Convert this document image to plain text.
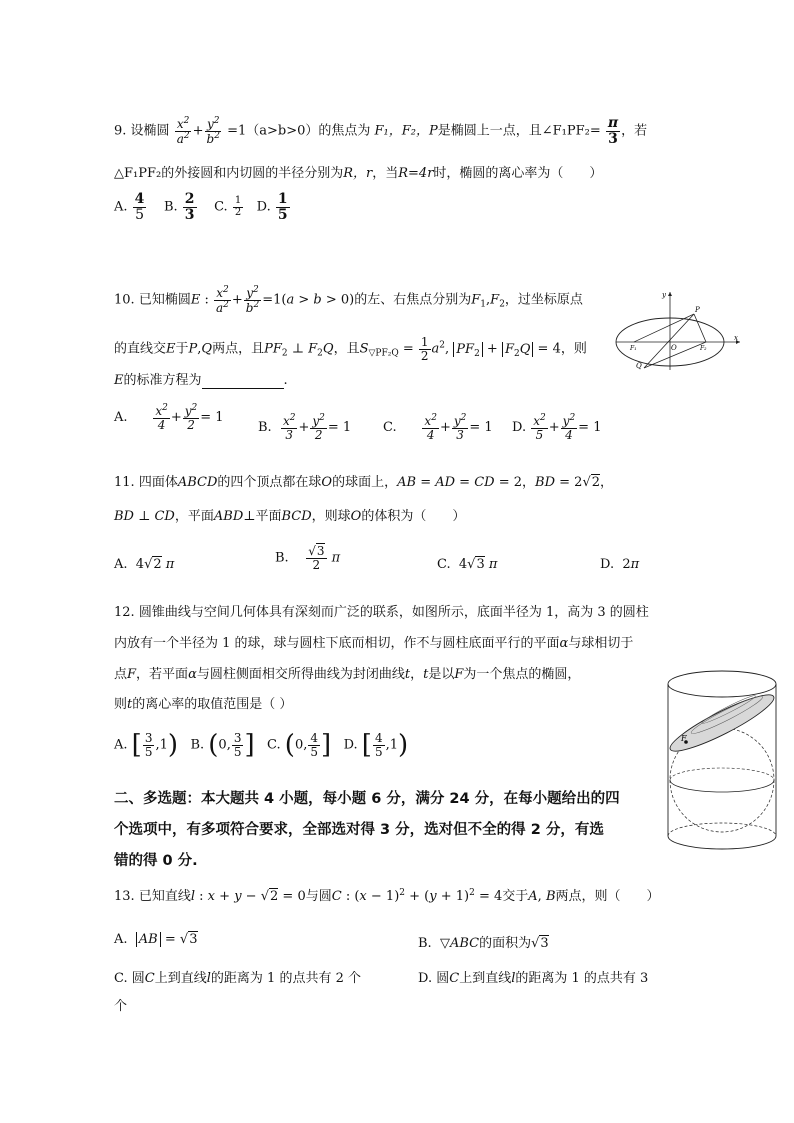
9. 设椭圆 $\frac{x^2}{a^2} + \frac{y^2}{b^2} =1(a>b>0)$的焦点为 F₁，F₂，P是椭圆上一点，且∠F₁PF₂= $\frac{\pi}{3}$ ，若
△F₁PF₂的外接圆和内切圆的半径分别为R，r，当R=4r时，椭圆的离心率为（　　）
A. $\frac{4}{5} B$. $\frac{2}{3} C$. $\frac{1}{2} D$. $\frac{1}{5}$
10. 已知椭圆E : $\frac{x^2}{a^2} + \frac{y^2}{b^2} =1(a > b > 0)$的左、右焦点分别为$F_1,F_2$，过坐标原点
的直线交E于P,Q两点，且$PF_2$ ⊥ $F_2Q$，且$S_{▽PF_2Q} = \frac{1}{2} a^2$, $PF_2 + F_2Q = 4$，则
E的标准方程为	.
A. $\frac{x^2}{4} + \frac{y^2}{2} = 1$
B. $\frac{x^2}{3} + \frac{y^2}{2} = 1$ C. $\frac{x^2}{4} + \frac{y^2}{3} = 1$ D. $\frac{x^2}{5} + \frac{y^2}{4} = 1$
y
x
P
Q
O
F₁	F₂
11. 四面体ABCD的四个顶点都在球O的球面上，AB = AD = CD = 2，BD = 2√2，
BD ⊥ CD，平面ABD⊥平面BCD，则球O的体积为（　　）
A.  4√2 π	B. $\frac{√3}{2}$ π	C.  4√3 π	D.  2π
12. 圆锥曲线与空间几何体具有深刻而广泛的联系，如图所示，底面半径为 1，高为 3 的圆柱
内放有一个半径为 1 的球，球与圆柱下底而相切，作不与圆柱底面平行的平面α与球相切于
点F，若平面α与圆柱侧面相交所得曲线为封闭曲线t，t是以F为一个焦点的椭圆，
则t的离心率的取值范围是（ ）
A. [ $\frac{3}{5} ,1$) B. (0, $\frac{3}{5}$ ] C. (0, $\frac{4}{5}$ ] D. [ $\frac{4}{5} ,1$)	F
二、多选题：本大题共 4 小题，每小题 6 分，满分 24 分，在每小题给出的四
个选项中，有多项符合要求，全部选对得 3 分，选对但不全的得 2 分，有选
错的得 0 分.
13. 已知直线l : x + y − √2 = 0与圆C : $(x - 1)^2 + (y + 1)^2 = 4$交于A, B两点，则（　　）
A. AB = √3	B.  ▽ABC的面积为√3
C. 圆C上到直线l的距离为 1 的点共有 2 个	D. 圆C上到直线l的距离为 1 的点共有 3
个
